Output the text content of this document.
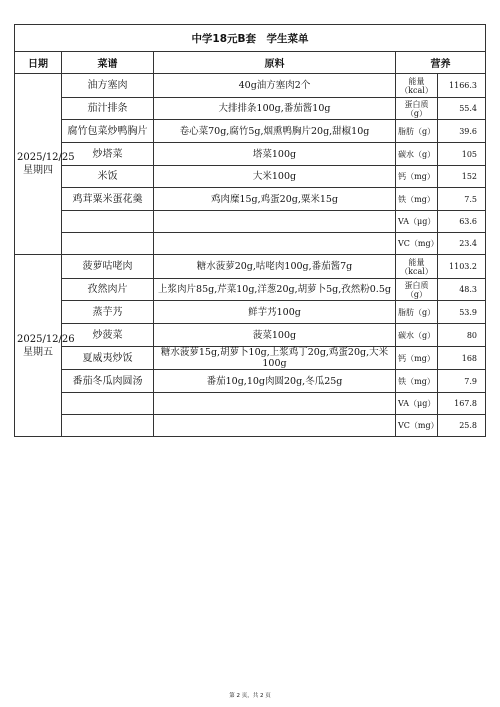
中学18元B套　学生菜单				
日期	菜谱	原料	营养	

2025/12/25
星期四	油方塞肉	40g油方塞肉2个	能量（kcal）	1166.3
	茄汁排条	大排排条100g,番茄酱10g	蛋白质（g）	55.4
	腐竹包菜炒鸭胸片	卷心菜70g,腐竹5g,烟熏鸭胸片20g,甜椒10g	脂肪（g）	39.6
	炒塔菜	塔菜100g	碳水（g）	105
	米饭	大米100g	钙（mg）	152
	鸡茸粟米蛋花羹	鸡肉糜15g,鸡蛋20g,粟米15g	铁（mg）	7.5
			VA（μg）	63.6
			VC（mg）	23.4

2025/12/26
星期五	菠萝咕咾肉	糖水菠萝20g,咕咾肉100g,番茄酱7g	能量（kcal）	1103.2
	孜然肉片	上浆肉片85g,芹菜10g,洋葱20g,胡萝卜5g,孜然粉0.5g	蛋白质（g）	48.3
	蒸芋艿	鲜芋艿100g	脂肪（g）	53.9
	炒菠菜	菠菜100g	碳水（g）	80
	夏威夷炒饭	糖水菠萝15g,胡萝卜10g,上浆鸡丁20g,鸡蛋20g,大米100g	钙（mg）	168
	番茄冬瓜肉圆汤	番茄10g,10g肉圆20g,冬瓜25g	铁（mg）	7.9
			VA（μg）	167.8
			VC（mg）	25.8
第 2 页，共 2 页
